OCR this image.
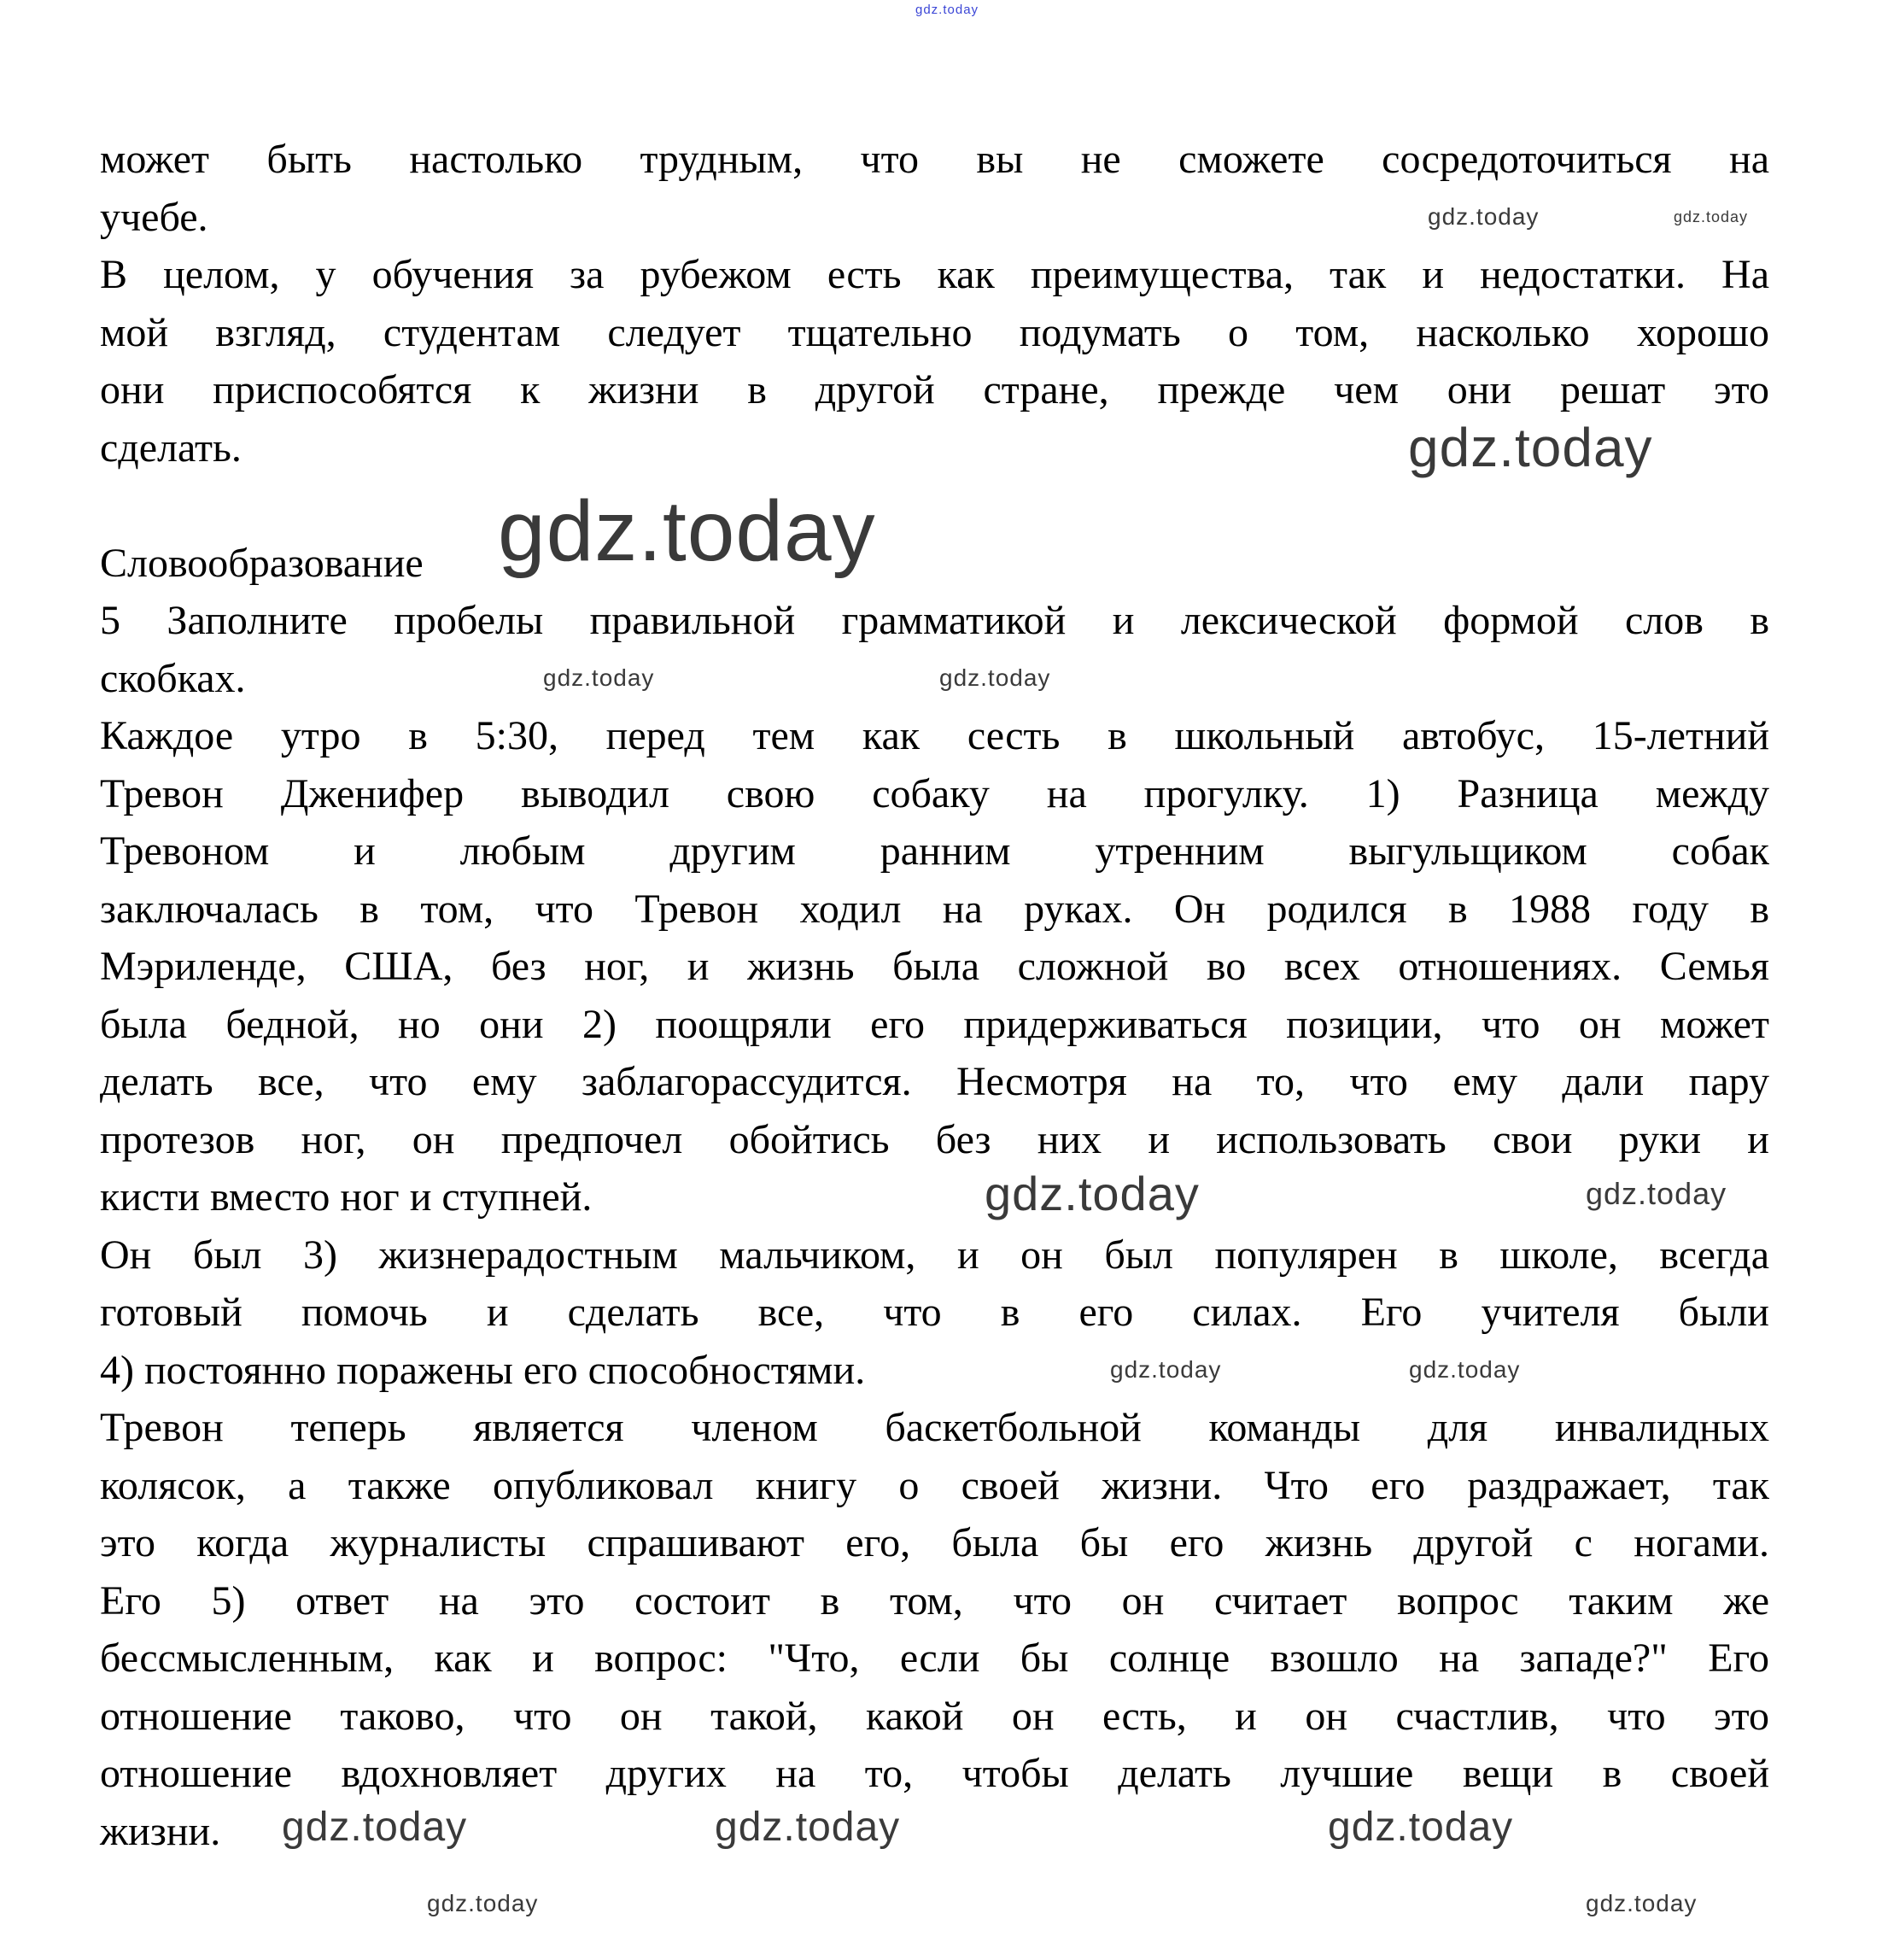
gdz.today
может быть настолько трудным, что вы не сможете сосредоточиться на
учебе.
В целом, у обучения за рубежом есть как преимущества, так и недостатки. На
мой взгляд, студентам следует тщательно подумать о том, насколько хорошо
они приспособятся к жизни в другой стране, прежде чем они решат это
сделать.
Словообразование
5 Заполните пробелы правильной грамматикой и лексической формой слов в
скобках.
Каждое утро в 5:30, перед тем как сесть в школьный автобус, 15-летний
Тревон Дженифер выводил свою собаку на прогулку. 1) Разница между
Тревоном и любым другим ранним утренним выгульщиком собак
заключалась в том, что Тревон ходил на руках. Он родился в 1988 году в
Мэриленде, США, без ног, и жизнь была сложной во всех отношениях. Семья
была бедной, но они 2) поощряли его придерживаться позиции, что он может
делать все, что ему заблагорассудится. Несмотря на то, что ему дали пару
протезов ног, он предпочел обойтись без них и использовать свои руки и
кисти вместо ног и ступней.
Он был 3) жизнерадостным мальчиком, и он был популярен в школе, всегда
готовый помочь и сделать все, что в его силах. Его учителя были
4) постоянно поражены его способностями.
Тревон теперь является членом баскетбольной команды для инвалидных
колясок, а также опубликовал книгу о своей жизни. Что его раздражает, так
это когда журналисты спрашивают его, была бы его жизнь другой с ногами.
Его 5) ответ на это состоит в том, что он считает вопрос таким же
бессмысленным, как и вопрос: "Что, если бы солнце взошло на западе?" Его
отношение таково, что он такой, какой он есть, и он счастлив, что это
отношение вдохновляет других на то, чтобы делать лучшие вещи в своей
жизни.
gdz.today
gdz.today
gdz.today	gdz.today
gdz.today	gdz.today
gdz.today	gdz.today
gdz.today	gdz.today
gdz.today	gdz.today
gdz.today	gdz.today	gdz.today
